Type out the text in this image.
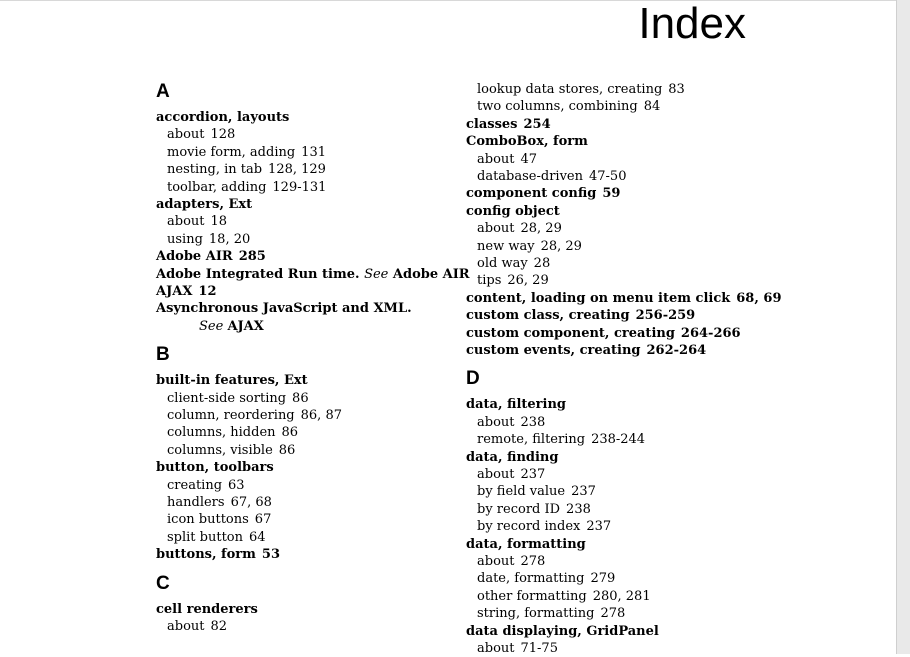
Index
A
accordion, layouts
about 128
movie form, adding 131
nesting, in tab 128, 129
toolbar, adding 129-131
adapters, Ext
about 18
using 18, 20
Adobe AIR 285
Adobe Integrated Run time. See Adobe AIR
AJAX 12
Asynchronous JavaScript and XML.
See AJAX
B
built-in features, Ext
client-side sorting 86
column, reordering 86, 87
columns, hidden 86
columns, visible 86
button, toolbars
creating 63
handlers 67, 68
icon buttons 67
split button 64
buttons, form 53
C
cell renderers
about 82
lookup data stores, creating 83
two columns, combining 84
classes 254
ComboBox, form
about 47
database-driven 47-50
component config 59
config object
about 28, 29
new way 28, 29
old way 28
tips 26, 29
content, loading on menu item click 68, 69
custom class, creating 256-259
custom component, creating 264-266
custom events, creating 262-264
D
data, filtering
about 238
remote, filtering 238-244
data, finding
about 237
by field value 237
by record ID 238
by record index 237
data, formatting
about 278
date, formatting 279
other formatting 280, 281
string, formatting 278
data displaying, GridPanel
about 71-75
